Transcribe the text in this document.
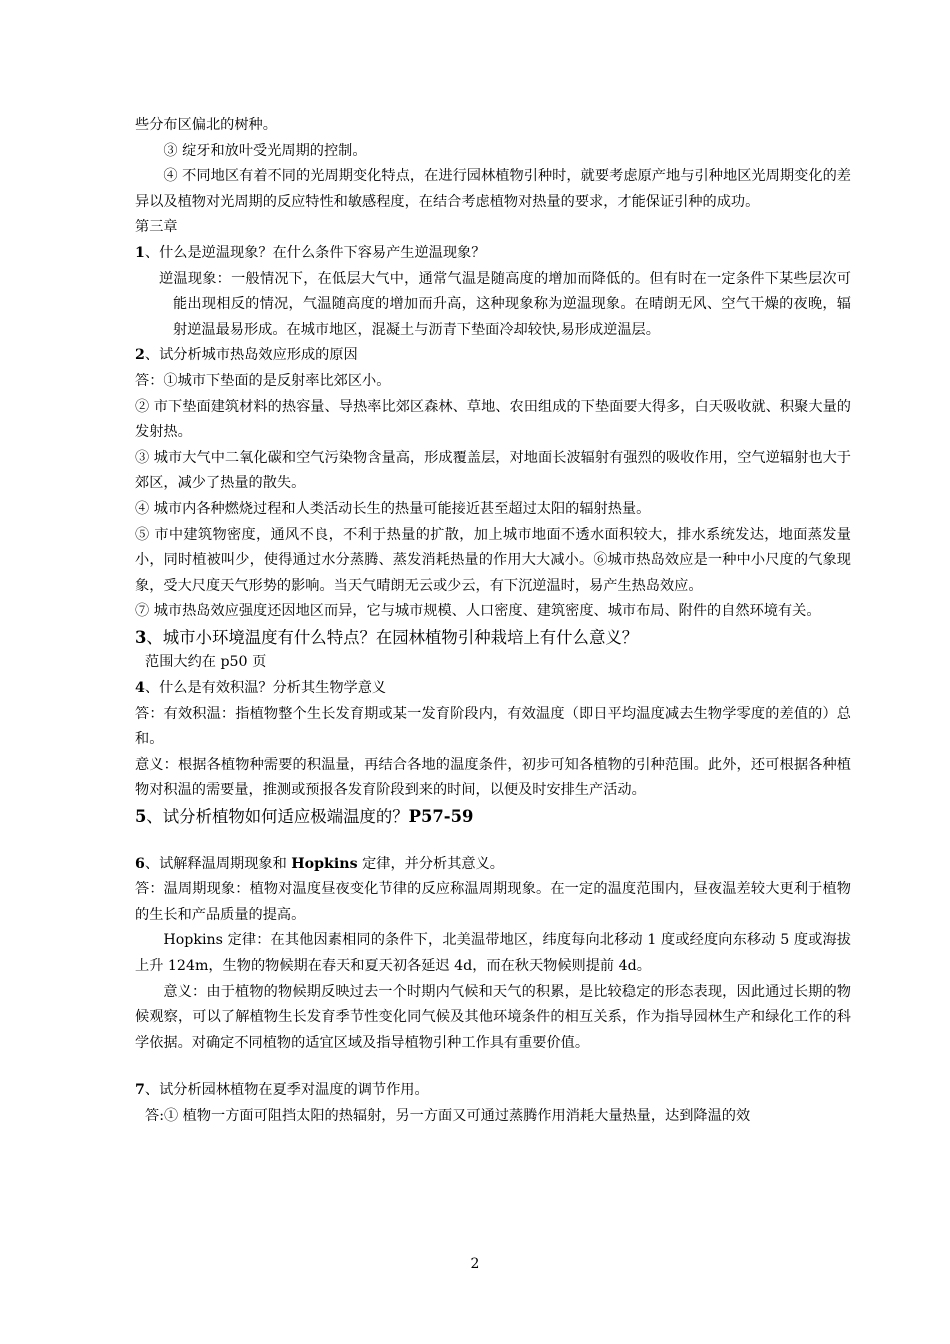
些分布区偏北的树种。

③ 绽牙和放叶受光周期的控制。

④ 不同地区有着不同的光周期变化特点，在进行园林植物引种时，就要考虑原产地与引种地区光周期变化的差异以及植物对光周期的反应特性和敏感程度，在结合考虑植物对热量的要求，才能保证引种的成功。

第三章

1、什么是逆温现象？在什么条件下容易产生逆温现象？

逆温现象：一般情况下，在低层大气中，通常气温是随高度的增加而降低的。但有时在一定条件下某些层次可能出现相反的情况，气温随高度的增加而升高，这种现象称为逆温现象。在晴朗无风、空气干燥的夜晚，辐射逆温最易形成。在城市地区，混凝土与沥青下垫面冷却较快,易形成逆温层。

2、试分析城市热岛效应形成的原因

答：①城市下垫面的是反射率比郊区小。

② 市下垫面建筑材料的热容量、导热率比郊区森林、草地、农田组成的下垫面要大得多，白天吸收就、积聚大量的发射热。

③ 城市大气中二氧化碳和空气污染物含量高，形成覆盖层，对地面长波辐射有强烈的吸收作用，空气逆辐射也大于郊区，减少了热量的散失。

④ 城市内各种燃烧过程和人类活动长生的热量可能接近甚至超过太阳的辐射热量。

⑤ 市中建筑物密度，通风不良，不利于热量的扩散，加上城市地面不透水面积较大，排水系统发达，地面蒸发量小，同时植被叫少，使得通过水分蒸腾、蒸发消耗热量的作用大大减小。⑥城市热岛效应是一种中小尺度的气象现象，受大尺度天气形势的影响。当天气晴朗无云或少云，有下沉逆温时，易产生热岛效应。

⑦ 城市热岛效应强度还因地区而异，它与城市规模、人口密度、建筑密度、城市布局、附件的自然环境有关。

3、城市小环境温度有什么特点？在园林植物引种栽培上有什么意义？

范围大约在 p50 页

4、什么是有效积温？分析其生物学意义

答：有效积温：指植物整个生长发育期或某一发育阶段内，有效温度（即日平均温度减去生物学零度的差值的）总和。

意义：根据各植物种需要的积温量，再结合各地的温度条件，初步可知各植物的引种范围。此外，还可根据各种植物对积温的需要量，推测或预报各发育阶段到来的时间，以便及时安排生产活动。

5、试分析植物如何适应极端温度的？P57-59

6、试解释温周期现象和 Hopkins 定律，并分析其意义。

答：温周期现象：植物对温度昼夜变化节律的反应称温周期现象。在一定的温度范围内，昼夜温差较大更利于植物的生长和产品质量的提高。

Hopkins 定律：在其他因素相同的条件下，北美温带地区，纬度每向北移动 1 度或经度向东移动 5 度或海拔上升 124m，生物的物候期在春天和夏天初各延迟 4d，而在秋天物候则提前 4d。

意义：由于植物的物候期反映过去一个时期内气候和天气的积累，是比较稳定的形态表现，因此通过长期的物候观察，可以了解植物生长发育季节性变化同气候及其他环境条件的相互关系，作为指导园林生产和绿化工作的科学依据。对确定不同植物的适宜区域及指导植物引种工作具有重要价值。

7、试分析园林植物在夏季对温度的调节作用。

答:① 植物一方面可阻挡太阳的热辐射，另一方面又可通过蒸腾作用消耗大量热量，达到降温的效

2
